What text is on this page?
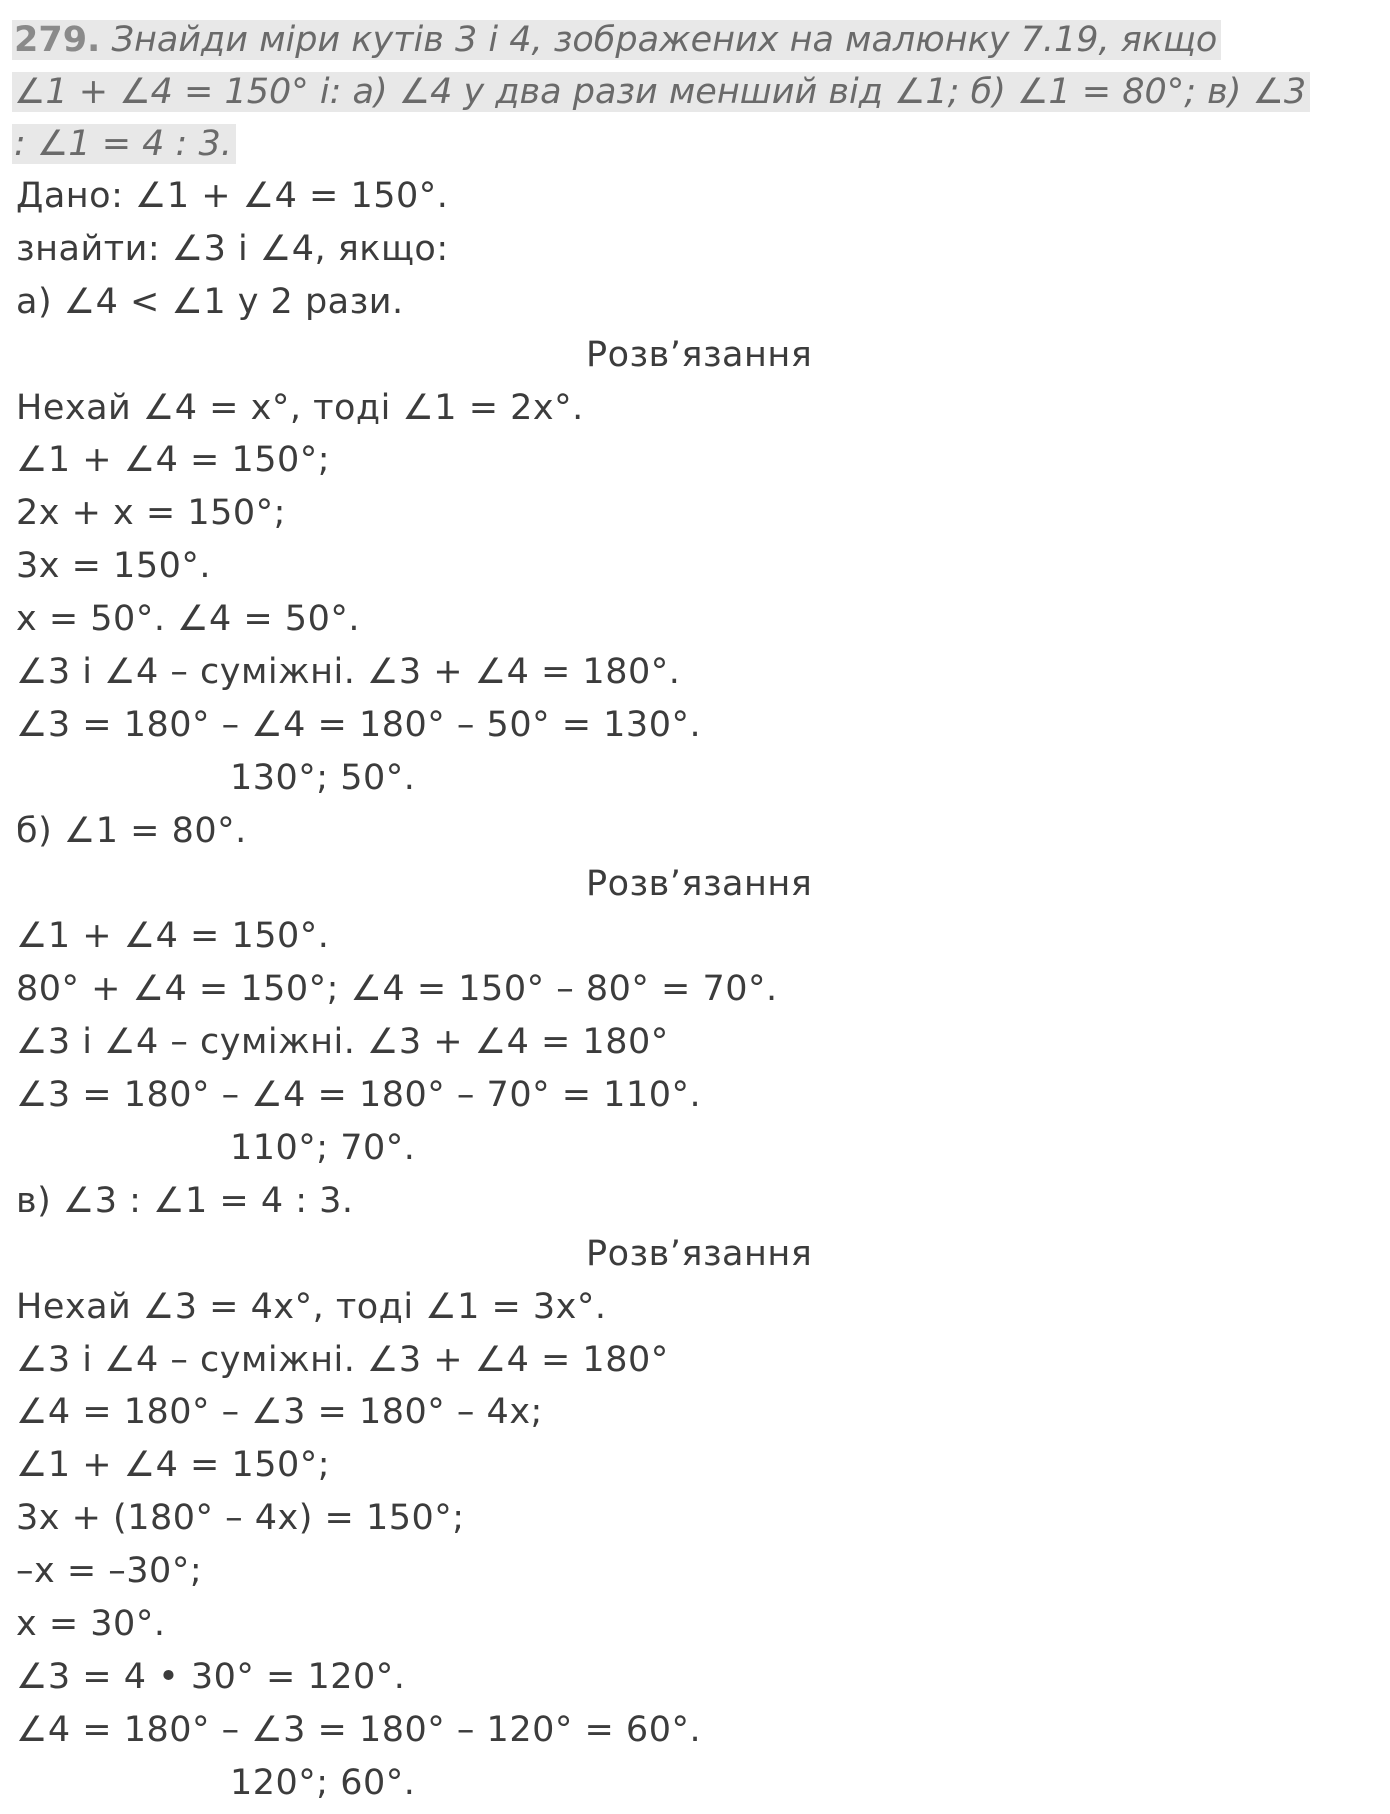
279. Знайди міри кутів 3 і 4, зображених на малюнку 7.19, якщо
∠1 + ∠4 = 150° і: а) ∠4 у два рази менший від ∠1; б) ∠1 = 80°; в) ∠3
: ∠1 = 4 : 3.
Дано: ∠1 + ∠4 = 150°.
знайти: ∠3 і ∠4, якщо:
а) ∠4 < ∠1 у 2 рази.
Розв’язання
Нехай ∠4 = х°, тоді ∠1 = 2х°.
∠1 + ∠4 = 150°;
2х + х = 150°;
3х = 150°.
х = 50°. ∠4 = 50°.
∠3 і ∠4 – суміжні. ∠3 + ∠4 = 180°.
∠3 = 180° – ∠4 = 180° – 50° = 130°.
130°; 50°.
б) ∠1 = 80°.
Розв’язання
∠1 + ∠4 = 150°.
80° + ∠4 = 150°; ∠4 = 150° – 80° = 70°.
∠3 і ∠4 – суміжні. ∠3 + ∠4 = 180°
∠3 = 180° – ∠4 = 180° – 70° = 110°.
110°; 70°.
в) ∠3 : ∠1 = 4 : 3.
Розв’язання
Нехай ∠3 = 4х°, тоді ∠1 = 3х°.
∠3 і ∠4 – суміжні. ∠3 + ∠4 = 180°
∠4 = 180° – ∠3 = 180° – 4х;
∠1 + ∠4 = 150°;
3х + (180° – 4х) = 150°;
–х = –30°;
х = 30°.
∠3 = 4 • 30° = 120°.
∠4 = 180° – ∠3 = 180° – 120° = 60°.
120°; 60°.
